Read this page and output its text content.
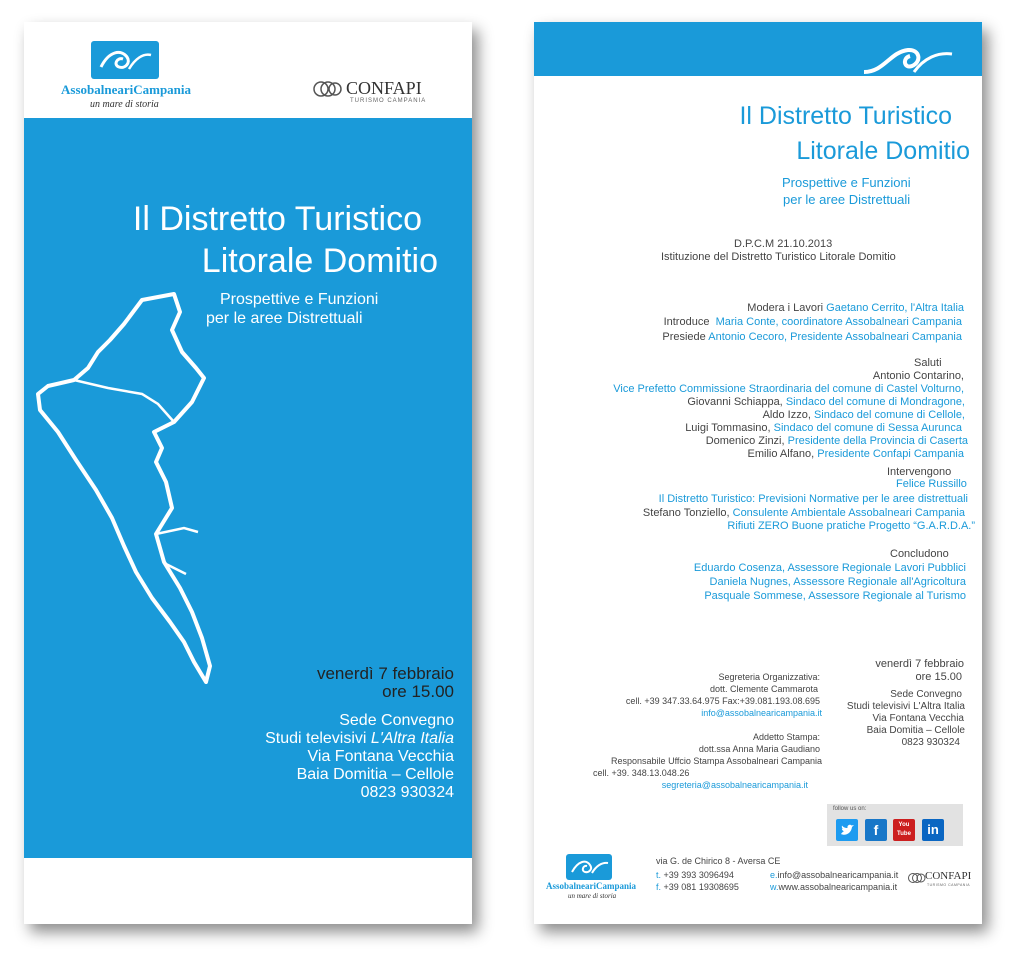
AssobalneariCampania
un mare di storia
CONFAPI
TURISMO CAMPANIA
Il Distretto Turistico
Litorale Domitio
Prospettive e Funzioni
per le aree Distrettuali
venerdì 7 febbraio
ore 15.00
Sede Convegno
Studi televisivi L'Altra Italia
Via Fontana Vecchia
Baia Domitia – Cellole
0823 930324
Il Distretto Turistico
Litorale Domitio
Prospettive e Funzioni
per le aree Distrettuali
D.P.C.M 21.10.2013
Istituzione del Distretto Turistico Litorale Domitio
Modera i Lavori Gaetano Cerrito, l'Altra Italia
Introduce Maria Conte, coordinatore Assobalneari Campania
Presiede Antonio Cecoro, Presidente Assobalneari Campania
Saluti
Antonio Contarino,
Vice Prefetto Commissione Straordinaria del comune di Castel Volturno,
Giovanni Schiappa, Sindaco del comune di Mondragone,
Aldo Izzo, Sindaco del comune di Cellole,
Luigi Tommasino, Sindaco del comune di Sessa Aurunca
Domenico Zinzi, Presidente della Provincia di Caserta
Emilio Alfano, Presidente Confapi Campania
Intervengono
Felice Russillo
Il Distretto Turistico: Previsioni Normative per le aree distrettuali
Stefano Tonziello, Consulente Ambientale Assobalneari Campania
Rifiuti ZERO Buone pratiche Progetto “G.A.R.D.A.”
Concludono
Eduardo Cosenza, Assessore Regionale Lavori Pubblici
Daniela Nugnes, Assessore Regionale all'Agricoltura
Pasquale Sommese, Assessore Regionale al Turismo
Segreteria Organizzativa:
dott. Clemente Cammarota
cell. +39 347.33.64.975 Fax:+39.081.193.08.695
info@assobalnearicampania.it
Addetto Stampa:
dott.ssa Anna Maria Gaudiano
Responsabile Uffcio Stampa Assobalneari Campania
cell. +39. 348.13.048.26
segreteria@assobalnearicampania.it
venerdì 7 febbraio
ore 15.00
Sede Convegno
Studi televisivi L'Altra Italia
Via Fontana Vecchia
Baia Domitia – Cellole
0823 930324
follow us on:
f	You Tube	in
AssobalneariCampania
un mare di storia
via G. de Chirico 8 - Aversa CE
t. +39 393 3096494
f. +39 081 19308695
e.info@assobalnearicampania.it
w.www.assobalnearicampania.it
CONFAPI
TURISMO CAMPANIA
